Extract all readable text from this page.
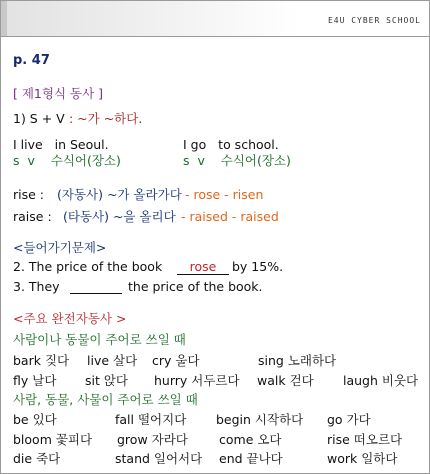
E4U CYBER SCHOOL
p. 47
[ 제1형식 동사 ]
1) S + V : ~가 ~하다.
I live   in Seoul.
s  v    수식어(장소)
I go   to school.
s  v    수식어(장소)
rise : (자동사) ~가 올라가다 - rose - risen
raise : (타동사) ~을 올리다 - raised - raised
<들어가기문제>
2. The price of the book	rose	by 15%.
3. They	the price of the book.
<주요 완전자동사 >
사람이나 동물이 주어로 쓰일 때
bark 짖다 live 살다 cry 울다	sing 노래하다
fly 날다 sit 앉다 hurry 서두르다 walk 걷다 laugh 비웃다
사람, 동물, 사물이 주어로 쓰일 때
be 있다	fall 떨어지다 begin 시작하다 go 가다
bloom 꽃피다 grow 자라다 come 오다	rise 떠오르다
die 죽다	stand 일어서다 end 끝나다	work 일하다
